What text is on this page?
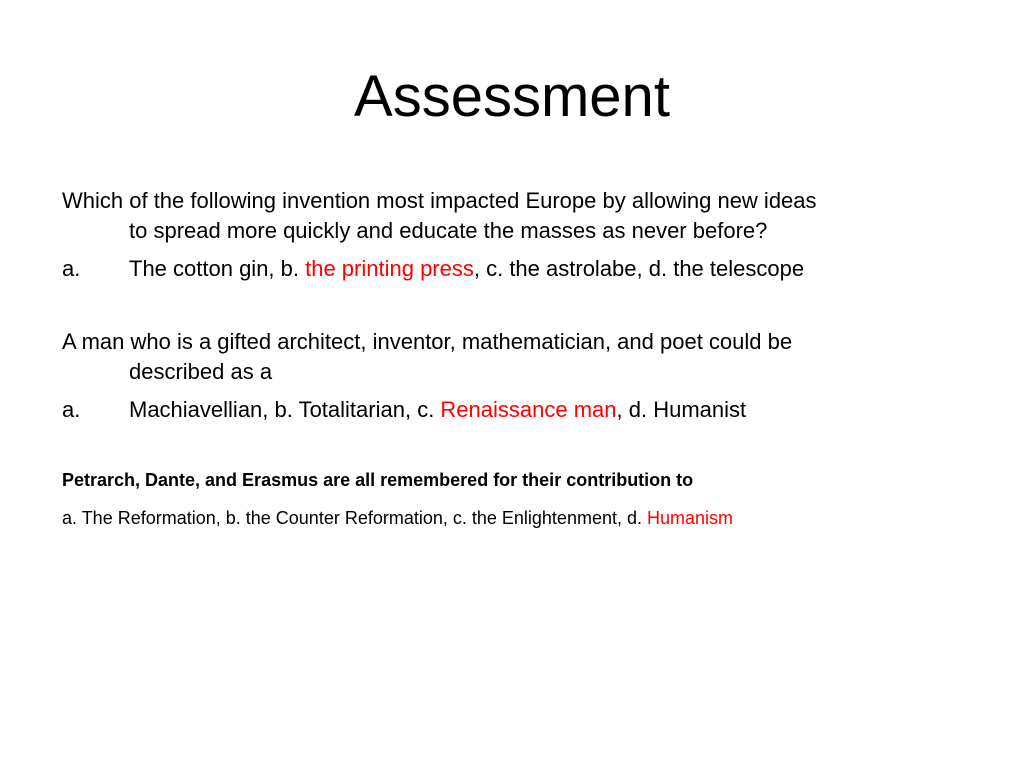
Assessment

Which of the following invention most impacted Europe by allowing new ideas
to spread more quickly and educate the masses as never before?

a. The cotton gin, b. the printing press, c. the astrolabe, d. the telescope

A man who is a gifted architect, inventor, mathematician, and poet could be
described as a

a. Machiavellian, b. Totalitarian, c. Renaissance man, d. Humanist

Petrarch, Dante, and Erasmus are all remembered for their contribution to

a. The Reformation, b. the Counter Reformation, c. the Enlightenment, d. Humanism
